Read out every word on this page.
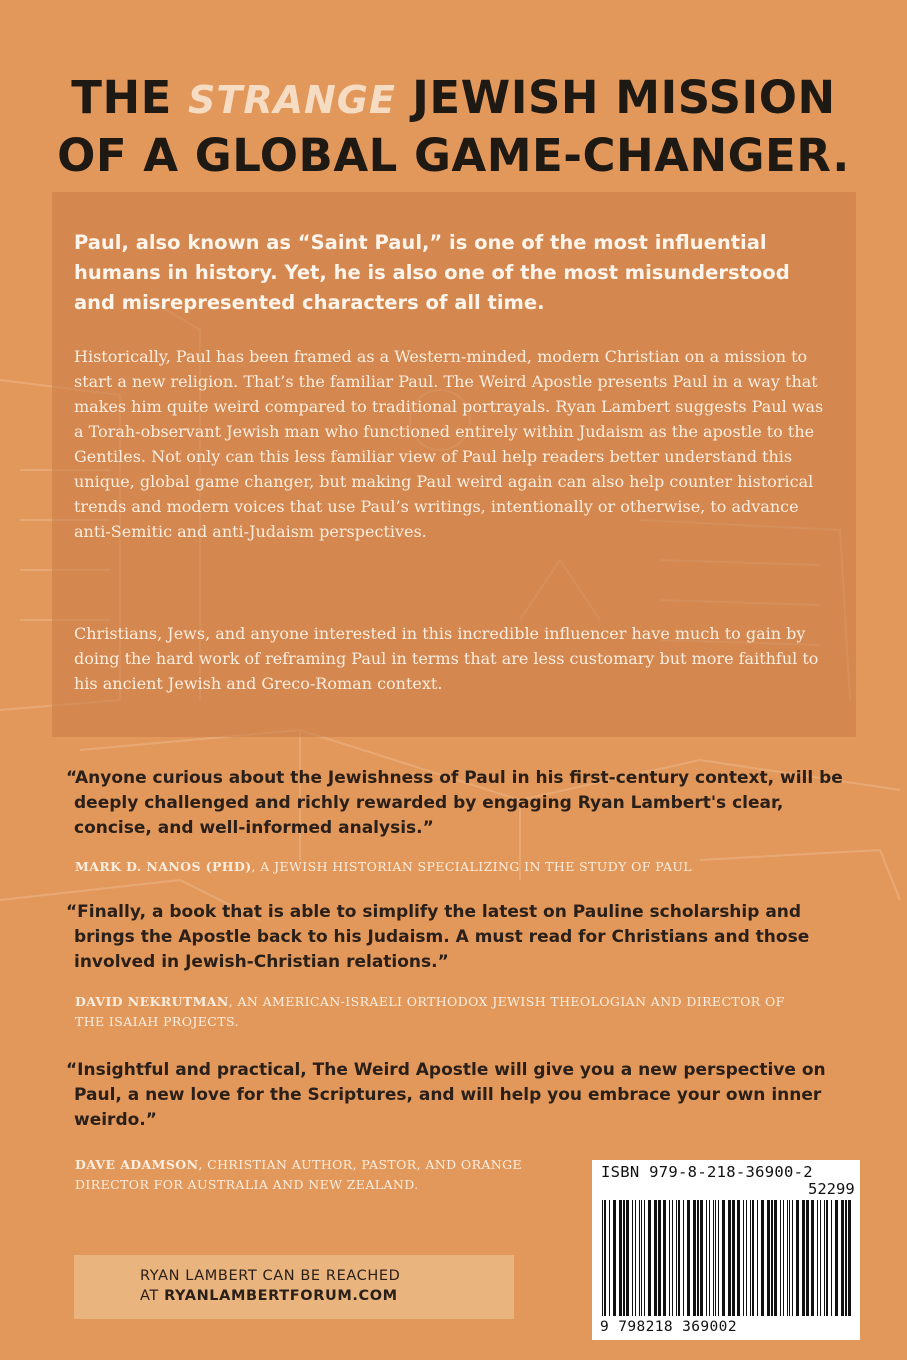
THE STRANGE JEWISH MISSION
OF A GLOBAL GAME-CHANGER.
Paul, also known as “Saint Paul,” is one of the most influential humans in history. Yet, he is also one of the most misunderstood and misrepresented characters of all time.
Historically, Paul has been framed as a Western-minded, modern Christian on a mission to start a new religion. That’s the familiar Paul. The Weird Apostle presents Paul in a way that makes him quite weird compared to traditional portrayals. Ryan Lambert suggests Paul was a Torah-observant Jewish man who functioned entirely within Judaism as the apostle to the Gentiles. Not only can this less familiar view of Paul help readers better understand this unique, global game changer, but making Paul weird again can also help counter historical trends and modern voices that use Paul’s writings, intentionally or otherwise, to advance anti-Semitic and anti-Judaism perspectives.
Christians, Jews, and anyone interested in this incredible influencer have much to gain by doing the hard work of reframing Paul in terms that are less customary but more faithful to his ancient Jewish and Greco-Roman context.
“Anyone curious about the Jewishness of Paul in his first-century context, will be deeply challenged and richly rewarded by engaging Ryan Lambert's clear, concise, and well-informed analysis.”
MARK D. NANOS (PHD), A JEWISH HISTORIAN SPECIALIZING IN THE STUDY OF PAUL
“Finally, a book that is able to simplify the latest on Pauline scholarship and brings the Apostle back to his Judaism. A must read for Christians and those involved in Jewish-Christian relations.”
DAVID NEKRUTMAN, AN AMERICAN-ISRAELI ORTHODOX JEWISH THEOLOGIAN AND DIRECTOR OF THE ISAIAH PROJECTS.
“Insightful and practical, The Weird Apostle will give you a new perspective on Paul, a new love for the Scriptures, and will help you embrace your own inner weirdo.”
DAVE ADAMSON, CHRISTIAN AUTHOR, PASTOR, AND ORANGE DIRECTOR FOR AUSTRALIA AND NEW ZEALAND.
RYAN LAMBERT CAN BE REACHED
AT RYANLAMBERTFORUM.COM
ISBN 979-8-218-36900-2
52299
9 798218 369002
